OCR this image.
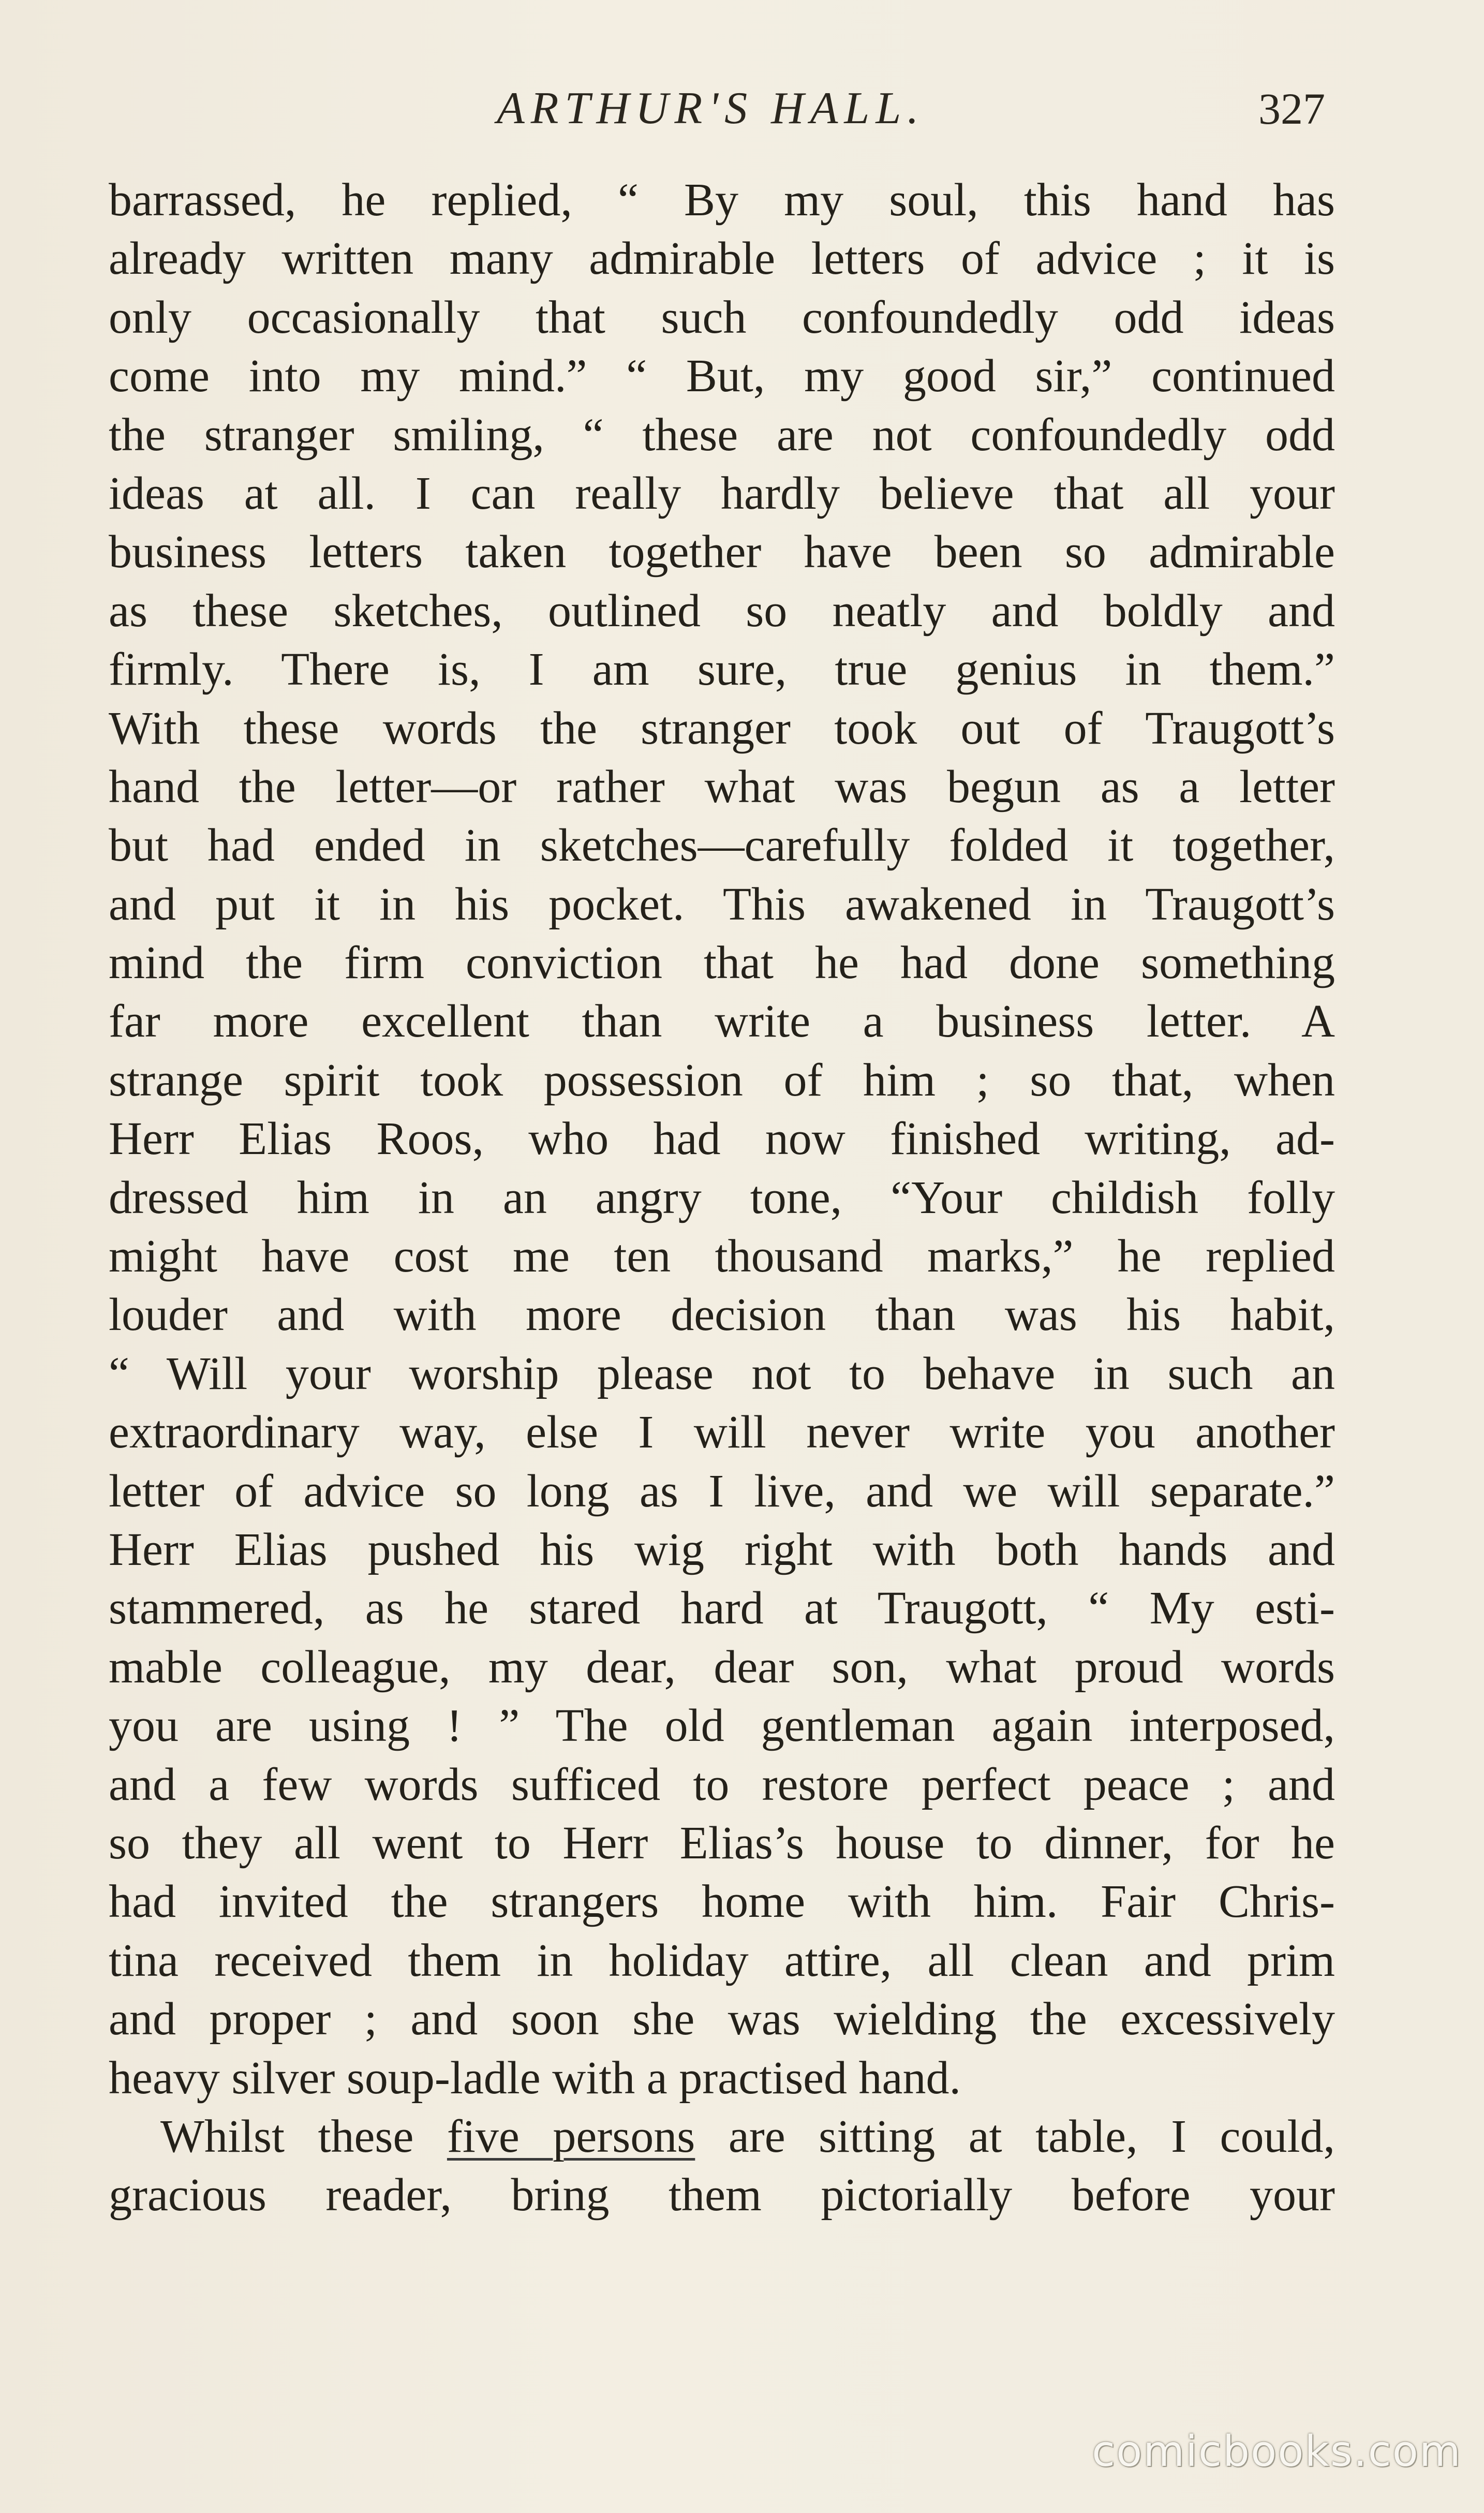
ARTHUR'S HALL.	327
barrassed, he replied, “ By my soul, this hand has
already written many admirable letters of advice ; it is
only occasionally that such confoundedly odd ideas
come into my mind.” “ But, my good sir,” continued
the stranger smiling, “ these are not confoundedly odd
ideas at all. I can really hardly believe that all your
business letters taken together have been so admirable
as these sketches, outlined so neatly and boldly and
firmly. There is, I am sure, true genius in them.”
With these words the stranger took out of Traugott’s
hand the letter—or rather what was begun as a letter
but had ended in sketches—carefully folded it together,
and put it in his pocket. This awakened in Traugott’s
mind the firm conviction that he had done something
far more excellent than write a business letter. A
strange spirit took possession of him ; so that, when
Herr Elias Roos, who had now finished writing, ad-
dressed him in an angry tone, “Your childish folly
might have cost me ten thousand marks,” he replied
louder and with more decision than was his habit,
“ Will your worship please not to behave in such an
extraordinary way, else I will never write you another
letter of advice so long as I live, and we will separate.”
Herr Elias pushed his wig right with both hands and
stammered, as he stared hard at Traugott, “ My esti-
mable colleague, my dear, dear son, what proud words
you are using ! ” The old gentleman again interposed,
and a few words sufficed to restore perfect peace ; and
so they all went to Herr Elias’s house to dinner, for he
had invited the strangers home with him. Fair Chris-
tina received them in holiday attire, all clean and prim
and proper ; and soon she was wielding the excessively
heavy silver soup-ladle with a practised hand.
Whilst these five persons are sitting at table, I could,
gracious reader, bring them pictorially before your
comicbooks.com
